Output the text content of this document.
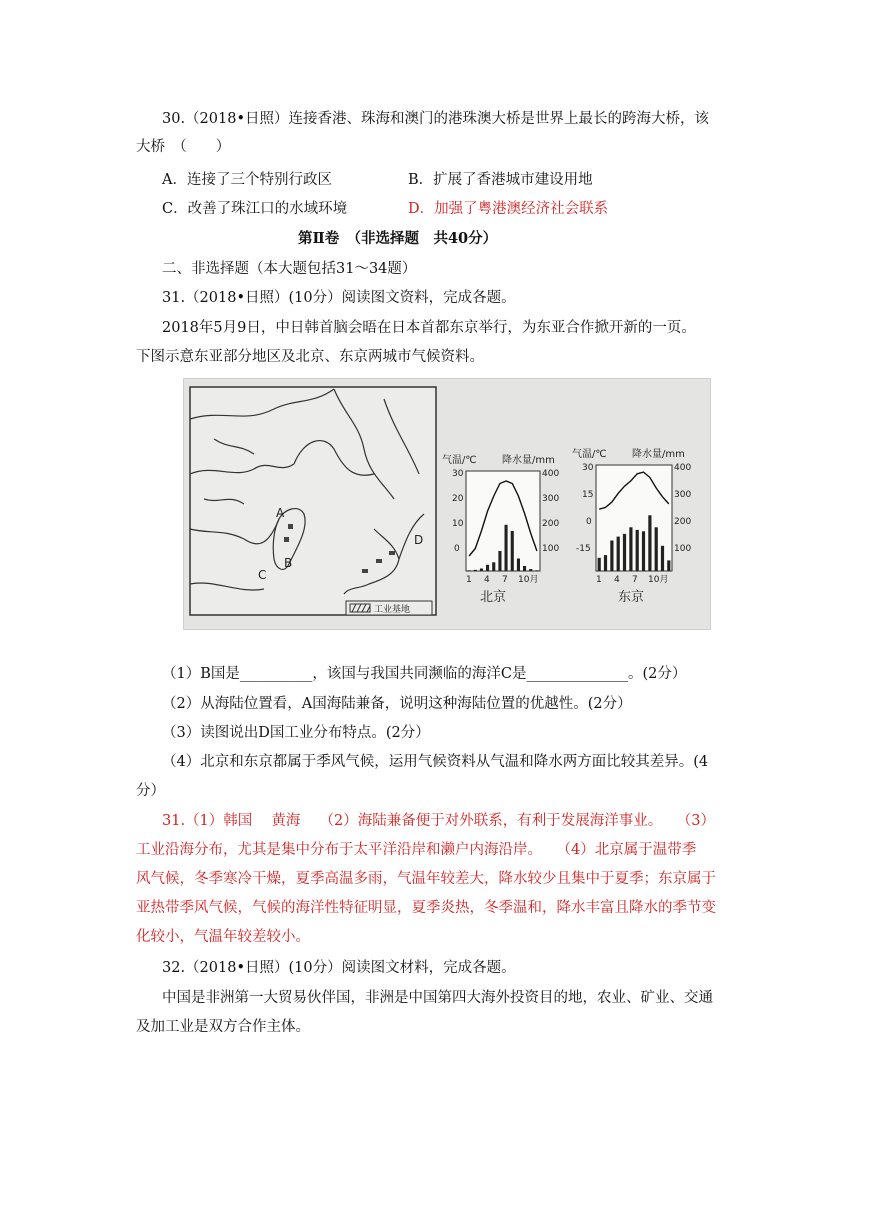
30.（2018•日照）连接香港、珠海和澳门的港珠澳大桥是世界上最长的跨海大桥，该
大桥　（　　）
A．连接了三个特别行政区	B．扩展了香港城市建设用地
C．改善了珠江口的水域环境	D．加强了粤港澳经济社会联系
第Ⅱ卷　（非选择题　共40分）
二、非选择题（本大题包括31～34题）
31.（2018•日照）(10分）阅读图文资料，完成各题。
2018年5月9日，中日韩首脑会晤在日本首都东京举行，为东亚合作掀开新的一页。
下图示意东亚部分地区及北京、东京两城市气候资料。
A
B
C
D
工业基地
气温/℃	降水量/mm
30
20
10
0
400
300
200
100
1 4 7 10月
北京
气温/℃	降水量/mm
30
15
0
-15
400
300
200
100
1 4 7 10月
东京
（1）B国是__________，该国与我国共同濒临的海洋C是______________。(2分）
（2）从海陆位置看，A国海陆兼备，说明这种海陆位置的优越性。(2分）
（3）读图说出D国工业分布特点。(2分）
（4）北京和东京都属于季风气候，运用气候资料从气温和降水两方面比较其差异。(4
分）
31.（1）韩国　 黄海　 （2）海陆兼备便于对外联系，有利于发展海洋事业。　　（3）
工业沿海分布，尤其是集中分布于太平洋沿岸和濑户内海沿岸。　　（4）北京属于温带季
风气候，冬季寒冷干燥，夏季高温多雨，气温年较差大，降水较少且集中于夏季；东京属于
亚热带季风气候，气候的海洋性特征明显，夏季炎热，冬季温和，降水丰富且降水的季节变
化较小，气温年较差较小。
32.（2018•日照）(10分）阅读图文材料，完成各题。
中国是非洲第一大贸易伙伴国，非洲是中国第四大海外投资目的地，农业、矿业、交通
及加工业是双方合作主体。
